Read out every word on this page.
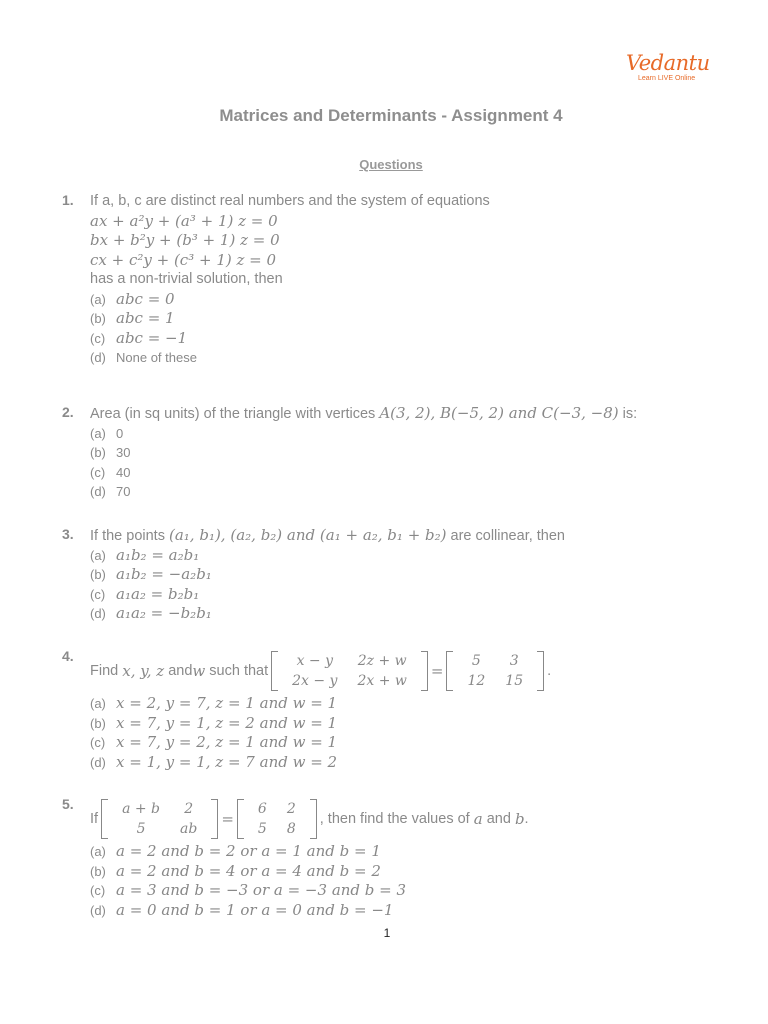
Vedantu
Learn LIVE Online
Matrices and Determinants - Assignment 4
Questions
1. If a, b, c are distinct real numbers and the system of equations
ax + a²y + (a³ + 1) z = 0
bx + b²y + (b³ + 1) z = 0
cx + c²y + (c³ + 1) z = 0
has a non-trivial solution, then
(a) abc = 0
(b) abc = 1
(c) abc = −1
(d) None of these
2. Area (in sq units) of the triangle with vertices A(3, 2), B(−5, 2) and C(−3, −8) is:
(a) 0
(b) 30
(c) 40
(d) 70
3. If the points (a₁, b₁), (a₂, b₂) and (a₁ + a₂, b₁ + b₂) are collinear, then
(a) a₁b₂ = a₂b₁
(b) a₁b₂ = −a₂b₁
(c) a₁a₂ = b₂b₁
(d) a₁a₂ = −b₂b₁
4.
Find
x, y, z
and w
such that
x − y	2z + w
2x − y	2x + w
=
5	3
12	15
.
(a) x = 2, y = 7, z = 1 and w = 1
(b) x = 7, y = 1, z = 2 and w = 1
(c) x = 7, y = 2, z = 1 and w = 1
(d) x = 1, y = 1, z = 7 and w = 2
5.
If
a + b	2
5	ab
=
6	2
5	8
, then find the values of
a
and
b .
(a) a = 2 and b = 2 or a = 1 and b = 1
(b) a = 2 and b = 4 or a = 4 and b = 2
(c) a = 3 and b = −3 or a = −3 and b = 3
(d) a = 0 and b = 1 or a = 0 and b = −1
1
